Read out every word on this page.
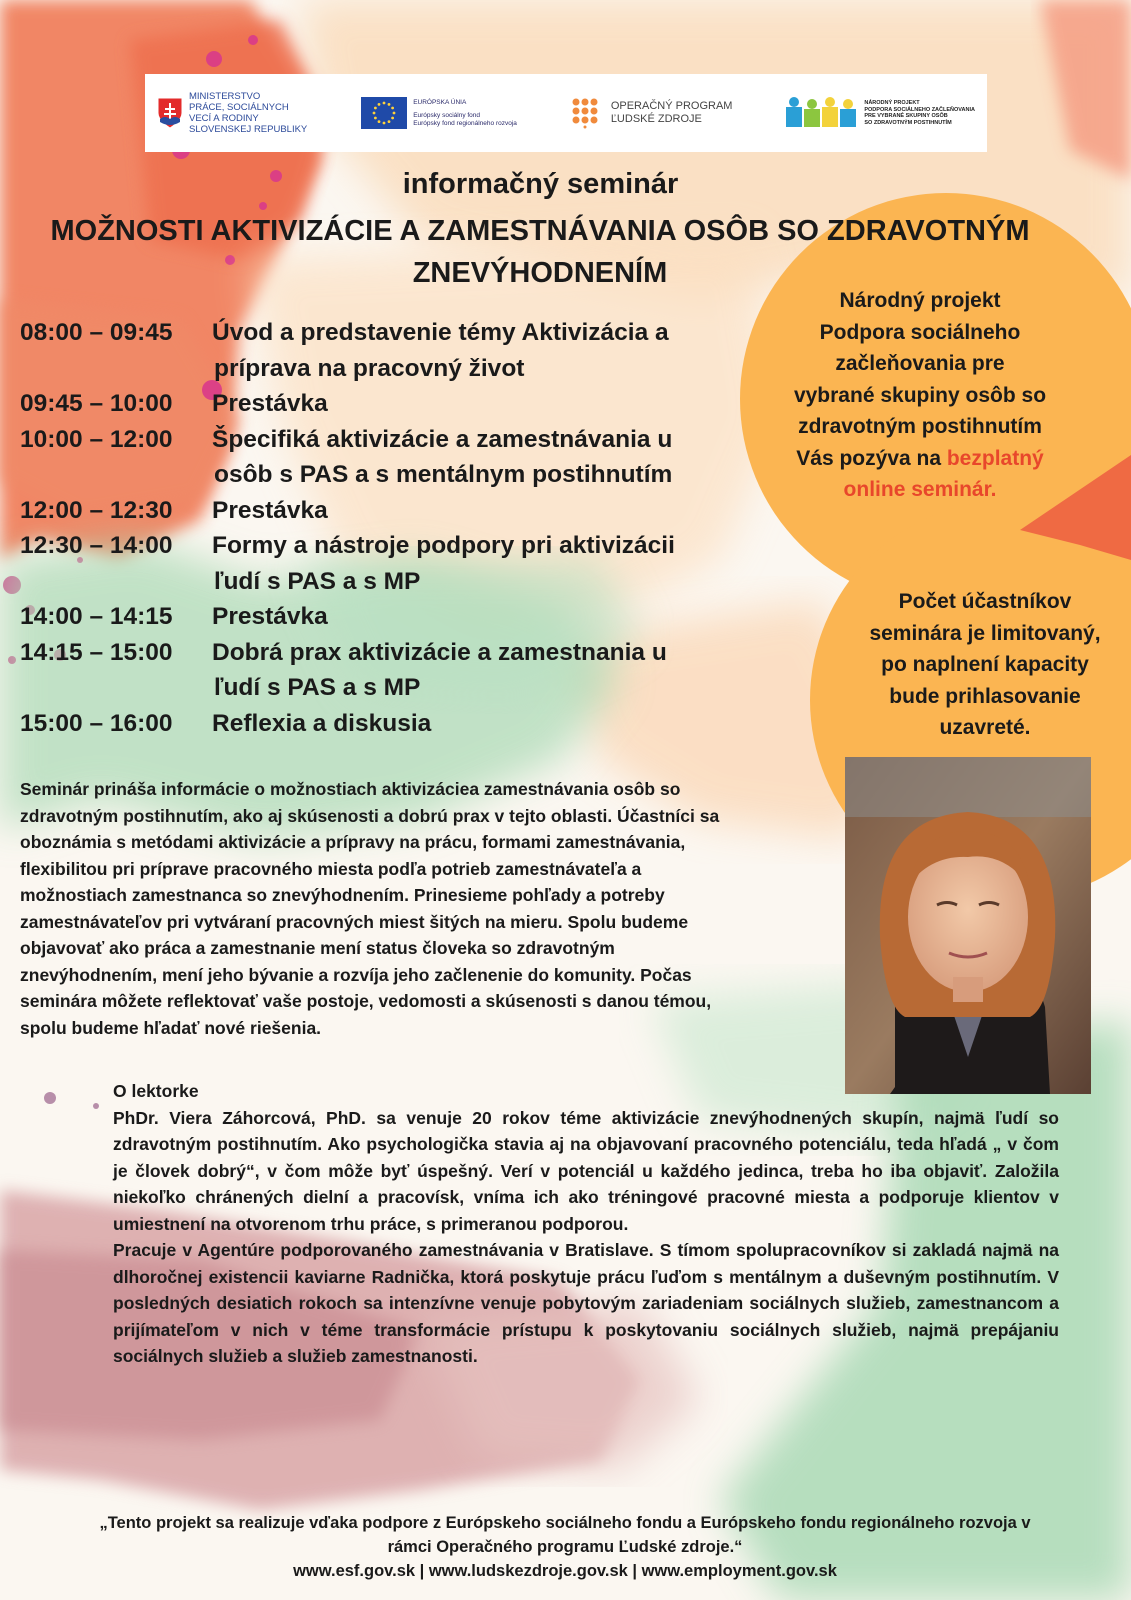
MINISTERSTVO
PRÁCE, SOCIÁLNYCH
VECÍ A RODINY
SLOVENSKEJ REPUBLIKY
EURÓPSKA ÚNIA
Európsky sociálny fond
Európsky fond regionálneho rozvoja
OPERAČNÝ PROGRAM
ĽUDSKÉ ZDROJE
NÁRODNÝ PROJEKT
PODPORA SOCIÁLNEHO ZAČLEŇOVANIA
PRE VYBRANÉ SKUPINY OSÔB
SO ZDRAVOTNÝM POSTIHNUTÍM
informačný seminár
MOŽNOSTI AKTIVIZÁCIE A ZAMESTNÁVANIA OSÔB SO ZDRAVOTNÝM
ZNEVÝHODNENÍM
08:00 – 09:45	Úvod a predstavenie témy Aktivizácia a
príprava na pracovný život
09:45 – 10:00	Prestávka
10:00 – 12:00	Špecifiká aktivizácie a zamestnávania u
osôb s PAS a s mentálnym postihnutím
12:00 – 12:30	Prestávka
12:30 – 14:00	Formy a nástroje podpory pri aktivizácii
ľudí s PAS a s MP
14:00 – 14:15	Prestávka
14:15 – 15:00	Dobrá prax aktivizácie a zamestnania u
ľudí s PAS a s MP
15:00 – 16:00	Reflexia a diskusia
Národný projekt
Podpora sociálneho
začleňovania pre
vybrané skupiny osôb so
zdravotným postihnutím
Vás pozýva na bezplatný
online seminár.
Počet účastníkov
seminára je limitovaný,
po naplnení kapacity
bude prihlasovanie
uzavreté.
Seminár prináša informácie o možnostiach aktivizáciea zamestnávania osôb so
zdravotným postihnutím, ako aj skúsenosti a dobrú prax v tejto oblasti. Účastníci sa
oboznámia s metódami aktivizácie a prípravy na prácu, formami zamestnávania,
flexibilitou pri príprave pracovného miesta podľa potrieb zamestnávateľa a
možnostiach zamestnanca so znevýhodnením. Prinesieme pohľady a potreby
zamestnávateľov pri vytváraní pracovných miest šitých na mieru. Spolu budeme
objavovať ako práca a zamestnanie mení status človeka so zdravotným
znevýhodnením, mení jeho bývanie a rozvíja jeho začlenenie do komunity. Počas
seminára môžete reflektovať vaše postoje, vedomosti a skúsenosti s danou témou,
spolu budeme hľadať nové riešenia.
O lektorke

PhDr. Viera Záhorcová, PhD. sa venuje 20 rokov téme aktivizácie znevýhodnených skupín, najmä ľudí so zdravotným postihnutím. Ako psychologička stavia aj na objavovaní pracovného potenciálu, teda hľadá „ v čom je človek dobrý“, v čom môže byť úspešný. Verí v potenciál u každého jedinca, treba ho iba objaviť. Založila niekoľko chránených dielní a pracovísk, vníma ich ako tréningové pracovné miesta a podporuje klientov v umiestnení na otvorenom trhu práce, s primeranou podporou.

Pracuje v Agentúre podporovaného zamestnávania v Bratislave. S tímom spolupracovníkov si zakladá najmä na dlhoročnej existencii kaviarne Radnička, ktorá poskytuje prácu ľuďom s mentálnym a duševným postihnutím. V posledných desiatich rokoch sa intenzívne venuje pobytovým zariadeniam sociálnych služieb, zamestnancom a prijímateľom v nich v téme transformácie prístupu k poskytovaniu sociálnych služieb, najmä prepájaniu sociálnych služieb a služieb zamestnanosti.

„Tento projekt sa realizuje vďaka podpore z Európskeho sociálneho fondu a Európskeho fondu regionálneho rozvoja v
rámci Operačného programu Ľudské zdroje.“
www.esf.gov.sk | www.ludskezdroje.gov.sk | www.employment.gov.sk
